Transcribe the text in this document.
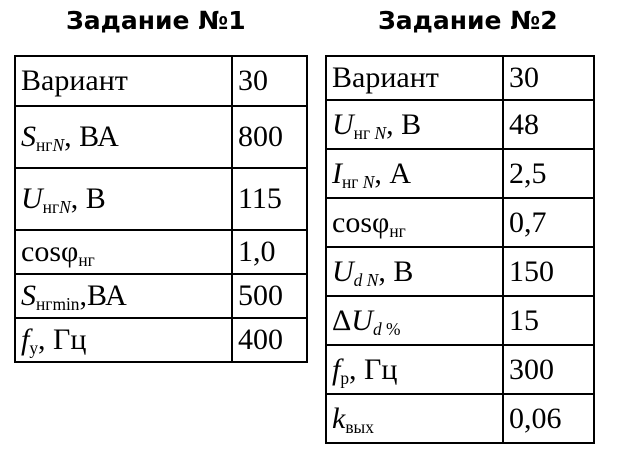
Задание №1	Задание №2
Вариант	30
$S_{нгN}$, ВА	800
$U_{нгN}$, В	115
cosφ$_{нг}$	1,0
$S_{нгmin},ВА$	500
$f_у$, Гц	400
Вариант	30
$U_{нг N}$, В	48
$I_{нг N}$, А	2,5
cosφ$_{нг}$	0,7
$U_{d N}$, В	150
$\Delta U_{d \%}$	15
$f_р$, Гц	300
$k_{вых}$	0,06
